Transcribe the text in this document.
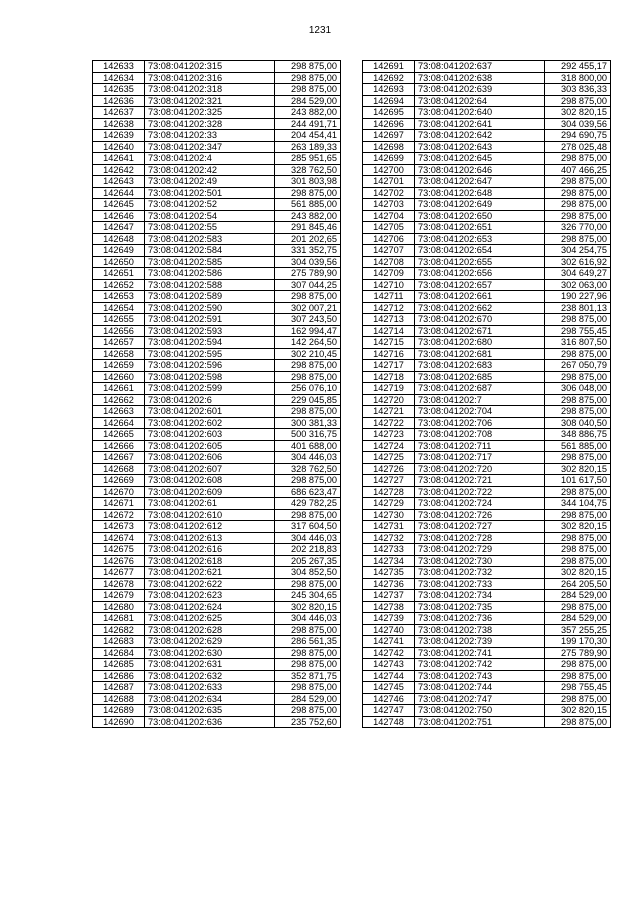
1231
142633	73:08:041202:315	298 875,00
142634	73:08:041202:316	298 875,00
142635	73:08:041202:318	298 875,00
142636	73:08:041202:321	284 529,00
142637	73:08:041202:325	243 882,00
142638	73:08:041202:328	244 491,71
142639	73:08:041202:33	204 454,41
142640	73:08:041202:347	263 189,33
142641	73:08:041202:4	285 951,65
142642	73:08:041202:42	328 762,50
142643	73:08:041202:49	301 803,98
142644	73:08:041202:501	298 875,00
142645	73:08:041202:52	561 885,00
142646	73:08:041202:54	243 882,00
142647	73:08:041202:55	291 845,46
142648	73:08:041202:583	201 202,65
142649	73:08:041202:584	331 352,75
142650	73:08:041202:585	304 039,56
142651	73:08:041202:586	275 789,90
142652	73:08:041202:588	307 044,25
142653	73:08:041202:589	298 875,00
142654	73:08:041202:590	302 007,21
142655	73:08:041202:591	307 243,50
142656	73:08:041202:593	162 994,47
142657	73:08:041202:594	142 264,50
142658	73:08:041202:595	302 210,45
142659	73:08:041202:596	298 875,00
142660	73:08:041202:598	298 875,00
142661	73:08:041202:599	256 076,10
142662	73:08:041202:6	229 045,85
142663	73:08:041202:601	298 875,00
142664	73:08:041202:602	300 381,33
142665	73:08:041202:603	500 316,75
142666	73:08:041202:605	401 688,00
142667	73:08:041202:606	304 446,03
142668	73:08:041202:607	328 762,50
142669	73:08:041202:608	298 875,00
142670	73:08:041202:609	686 623,47
142671	73:08:041202:61	429 782,25
142672	73:08:041202:610	298 875,00
142673	73:08:041202:612	317 604,50
142674	73:08:041202:613	304 446,03
142675	73:08:041202:616	202 218,83
142676	73:08:041202:618	205 267,35
142677	73:08:041202:621	304 852,50
142678	73:08:041202:622	298 875,00
142679	73:08:041202:623	245 304,65
142680	73:08:041202:624	302 820,15
142681	73:08:041202:625	304 446,03
142682	73:08:041202:628	298 875,00
142683	73:08:041202:629	286 561,35
142684	73:08:041202:630	298 875,00
142685	73:08:041202:631	298 875,00
142686	73:08:041202:632	352 871,75
142687	73:08:041202:633	298 875,00
142688	73:08:041202:634	284 529,00
142689	73:08:041202:635	298 875,00
142690	73:08:041202:636	235 752,60
142691	73:08:041202:637	292 455,17
142692	73:08:041202:638	318 800,00
142693	73:08:041202:639	303 836,33
142694	73:08:041202:64	298 875,00
142695	73:08:041202:640	302 820,15
142696	73:08:041202:641	304 039,56
142697	73:08:041202:642	294 690,75
142698	73:08:041202:643	278 025,48
142699	73:08:041202:645	298 875,00
142700	73:08:041202:646	407 466,25
142701	73:08:041202:647	298 875,00
142702	73:08:041202:648	298 875,00
142703	73:08:041202:649	298 875,00
142704	73:08:041202:650	298 875,00
142705	73:08:041202:651	326 770,00
142706	73:08:041202:653	298 875,00
142707	73:08:041202:654	304 254,75
142708	73:08:041202:655	302 616,92
142709	73:08:041202:656	304 649,27
142710	73:08:041202:657	302 063,00
142711	73:08:041202:661	190 227,96
142712	73:08:041202:662	238 801,13
142713	73:08:041202:670	298 875,00
142714	73:08:041202:671	298 755,45
142715	73:08:041202:680	316 807,50
142716	73:08:041202:681	298 875,00
142717	73:08:041202:683	267 050,79
142718	73:08:041202:685	298 875,00
142719	73:08:041202:687	306 048,00
142720	73:08:041202:7	298 875,00
142721	73:08:041202:704	298 875,00
142722	73:08:041202:706	308 040,50
142723	73:08:041202:708	348 886,75
142724	73:08:041202:711	561 885,00
142725	73:08:041202:717	298 875,00
142726	73:08:041202:720	302 820,15
142727	73:08:041202:721	101 617,50
142728	73:08:041202:722	298 875,00
142729	73:08:041202:724	344 104,75
142730	73:08:041202:726	298 875,00
142731	73:08:041202:727	302 820,15
142732	73:08:041202:728	298 875,00
142733	73:08:041202:729	298 875,00
142734	73:08:041202:730	298 875,00
142735	73:08:041202:732	302 820,15
142736	73:08:041202:733	264 205,50
142737	73:08:041202:734	284 529,00
142738	73:08:041202:735	298 875,00
142739	73:08:041202:736	284 529,00
142740	73:08:041202:738	357 255,25
142741	73:08:041202:739	199 170,30
142742	73:08:041202:741	275 789,90
142743	73:08:041202:742	298 875,00
142744	73:08:041202:743	298 875,00
142745	73:08:041202:744	298 755,45
142746	73:08:041202:747	298 875,00
142747	73:08:041202:750	302 820,15
142748	73:08:041202:751	298 875,00
